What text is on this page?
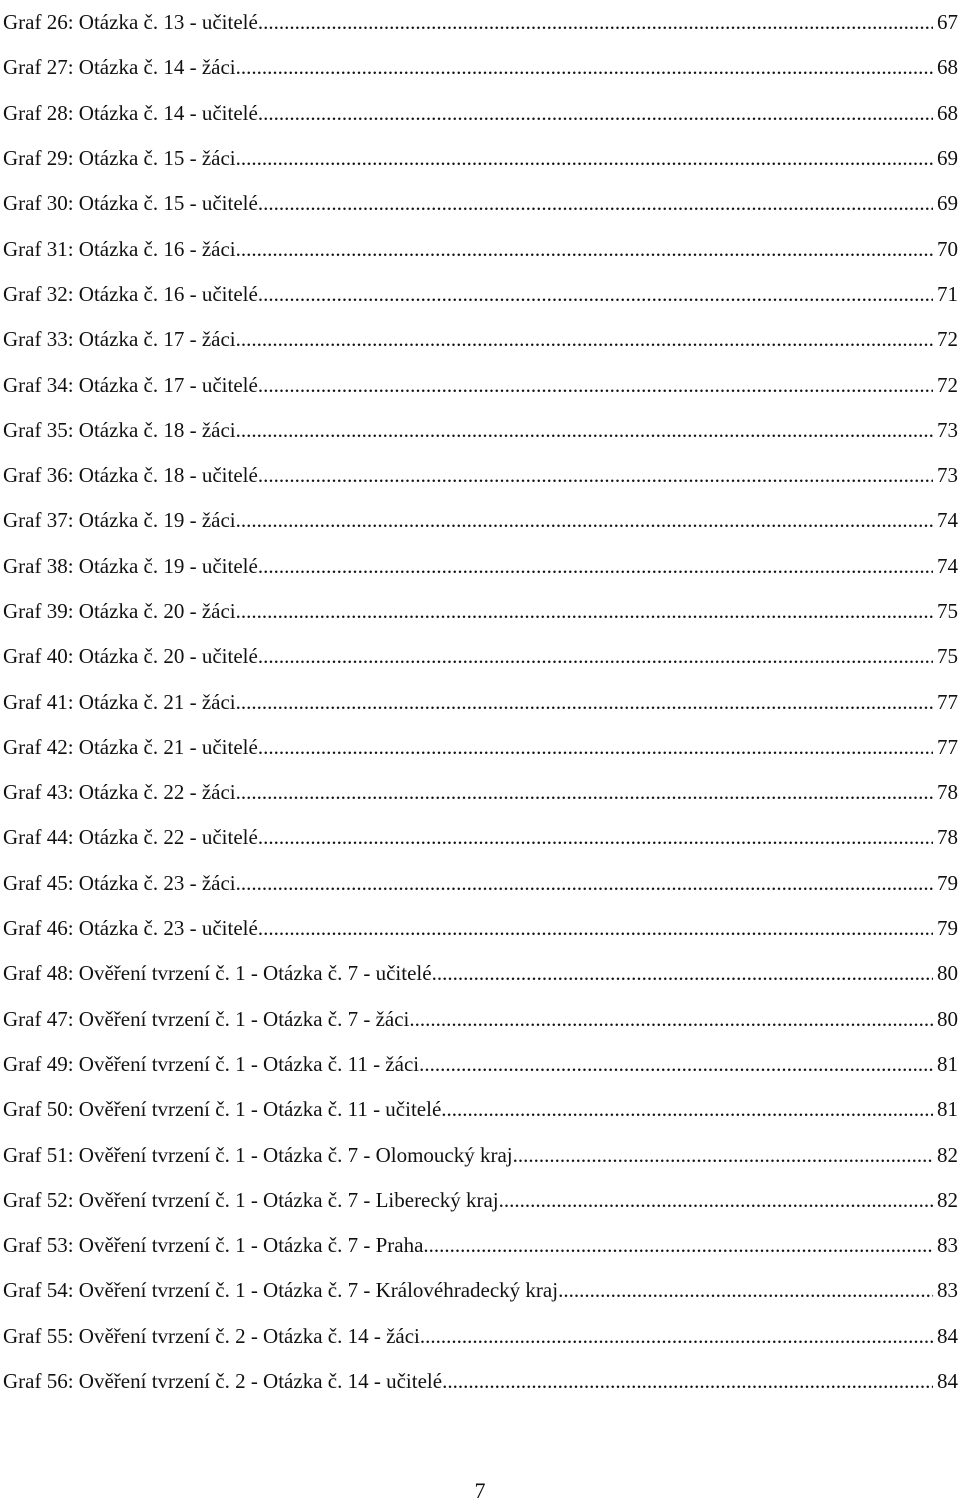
Graf 26: Otázka č. 13 - učitelé .....	67
Graf 27: Otázka č. 14 - žáci .....	68
Graf 28: Otázka č. 14 - učitelé .....	68
Graf 29: Otázka č. 15 - žáci .....	69
Graf 30: Otázka č. 15 - učitelé .....	69
Graf 31: Otázka č. 16 - žáci .....	70
Graf 32: Otázka č. 16 - učitelé .....	71
Graf 33: Otázka č. 17 - žáci .....	72
Graf 34: Otázka č. 17 - učitelé .....	72
Graf 35: Otázka č. 18 - žáci .....	73
Graf 36: Otázka č. 18 - učitelé .....	73
Graf 37: Otázka č. 19 - žáci .....	74
Graf 38: Otázka č. 19 - učitelé .....	74
Graf 39: Otázka č. 20 - žáci .....	75
Graf 40: Otázka č. 20 - učitelé .....	75
Graf 41: Otázka č. 21 - žáci .....	77
Graf 42: Otázka č. 21 - učitelé .....	77
Graf 43: Otázka č. 22 - žáci .....	78
Graf 44: Otázka č. 22 - učitelé .....	78
Graf 45: Otázka č. 23 - žáci .....	79
Graf 46: Otázka č. 23 - učitelé .....	79
Graf 48: Ověření tvrzení č. 1 - Otázka č. 7 - učitelé .....	80
Graf 47: Ověření tvrzení č. 1 - Otázka č. 7 - žáci .....	80
Graf 49: Ověření tvrzení č. 1 - Otázka č. 11 - žáci .....	81
Graf 50: Ověření tvrzení č. 1 - Otázka č. 11 - učitelé .....	81
Graf 51: Ověření tvrzení č. 1 - Otázka č. 7 - Olomoucký kraj .....	82
Graf 52: Ověření tvrzení č. 1 - Otázka č. 7 - Liberecký kraj .....	82
Graf 53: Ověření tvrzení č. 1 - Otázka č. 7 - Praha .....	83
Graf 54: Ověření tvrzení č. 1 - Otázka č. 7 - Královéhradecký kraj .....	83
Graf 55: Ověření tvrzení č. 2 - Otázka č. 14 - žáci .....	84
Graf 56: Ověření tvrzení č. 2 - Otázka č. 14 - učitelé .....	84
7
